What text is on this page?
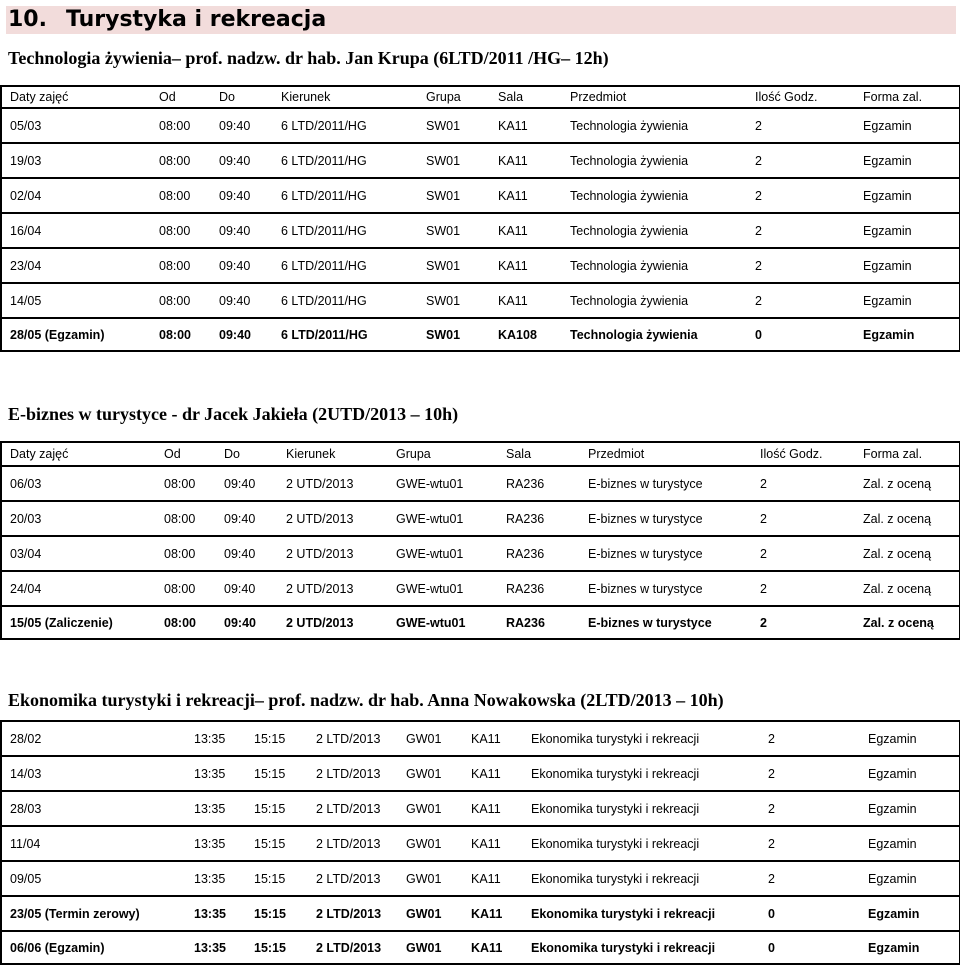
10. Turystyka i rekreacja
Technologia żywienia– prof. nadzw. dr hab. Jan Krupa (6LTD/2011 /HG– 12h)
Daty zajęć	Od	Do	Kierunek	Grupa	Sala	Przedmiot	Ilość Godz.	Forma zal.
05/03	08:00	09:40	6 LTD/2011/HG	SW01	KA11	Technologia żywienia	2	Egzamin
19/03	08:00	09:40	6 LTD/2011/HG	SW01	KA11	Technologia żywienia	2	Egzamin
02/04	08:00	09:40	6 LTD/2011/HG	SW01	KA11	Technologia żywienia	2	Egzamin
16/04	08:00	09:40	6 LTD/2011/HG	SW01	KA11	Technologia żywienia	2	Egzamin
23/04	08:00	09:40	6 LTD/2011/HG	SW01	KA11	Technologia żywienia	2	Egzamin
14/05	08:00	09:40	6 LTD/2011/HG	SW01	KA11	Technologia żywienia	2	Egzamin
28/05 (Egzamin)	08:00	09:40	6 LTD/2011/HG	SW01	KA108	Technologia żywienia	0	Egzamin
E-biznes w turystyce - dr Jacek Jakieła (2UTD/2013 – 10h)
Daty zajęć	Od	Do	Kierunek	Grupa	Sala	Przedmiot	Ilość Godz.	Forma zal.
06/03	08:00	09:40	2 UTD/2013	GWE-wtu01	RA236	E-biznes w turystyce	2	Zal. z oceną
20/03	08:00	09:40	2 UTD/2013	GWE-wtu01	RA236	E-biznes w turystyce	2	Zal. z oceną
03/04	08:00	09:40	2 UTD/2013	GWE-wtu01	RA236	E-biznes w turystyce	2	Zal. z oceną
24/04	08:00	09:40	2 UTD/2013	GWE-wtu01	RA236	E-biznes w turystyce	2	Zal. z oceną
15/05 (Zaliczenie)	08:00	09:40	2 UTD/2013	GWE-wtu01	RA236	E-biznes w turystyce	2	Zal. z oceną
Ekonomika turystyki i rekreacji– prof. nadzw. dr hab. Anna Nowakowska (2LTD/2013 – 10h)
28/02	13:35	15:15	2 LTD/2013	GW01	KA11	Ekonomika turystyki i rekreacji	2	Egzamin
14/03	13:35	15:15	2 LTD/2013	GW01	KA11	Ekonomika turystyki i rekreacji	2	Egzamin
28/03	13:35	15:15	2 LTD/2013	GW01	KA11	Ekonomika turystyki i rekreacji	2	Egzamin
11/04	13:35	15:15	2 LTD/2013	GW01	KA11	Ekonomika turystyki i rekreacji	2	Egzamin
09/05	13:35	15:15	2 LTD/2013	GW01	KA11	Ekonomika turystyki i rekreacji	2	Egzamin
23/05 (Termin zerowy)	13:35	15:15	2 LTD/2013	GW01	KA11	Ekonomika turystyki i rekreacji	0	Egzamin
06/06 (Egzamin)	13:35	15:15	2 LTD/2013	GW01	KA11	Ekonomika turystyki i rekreacji	0	Egzamin
